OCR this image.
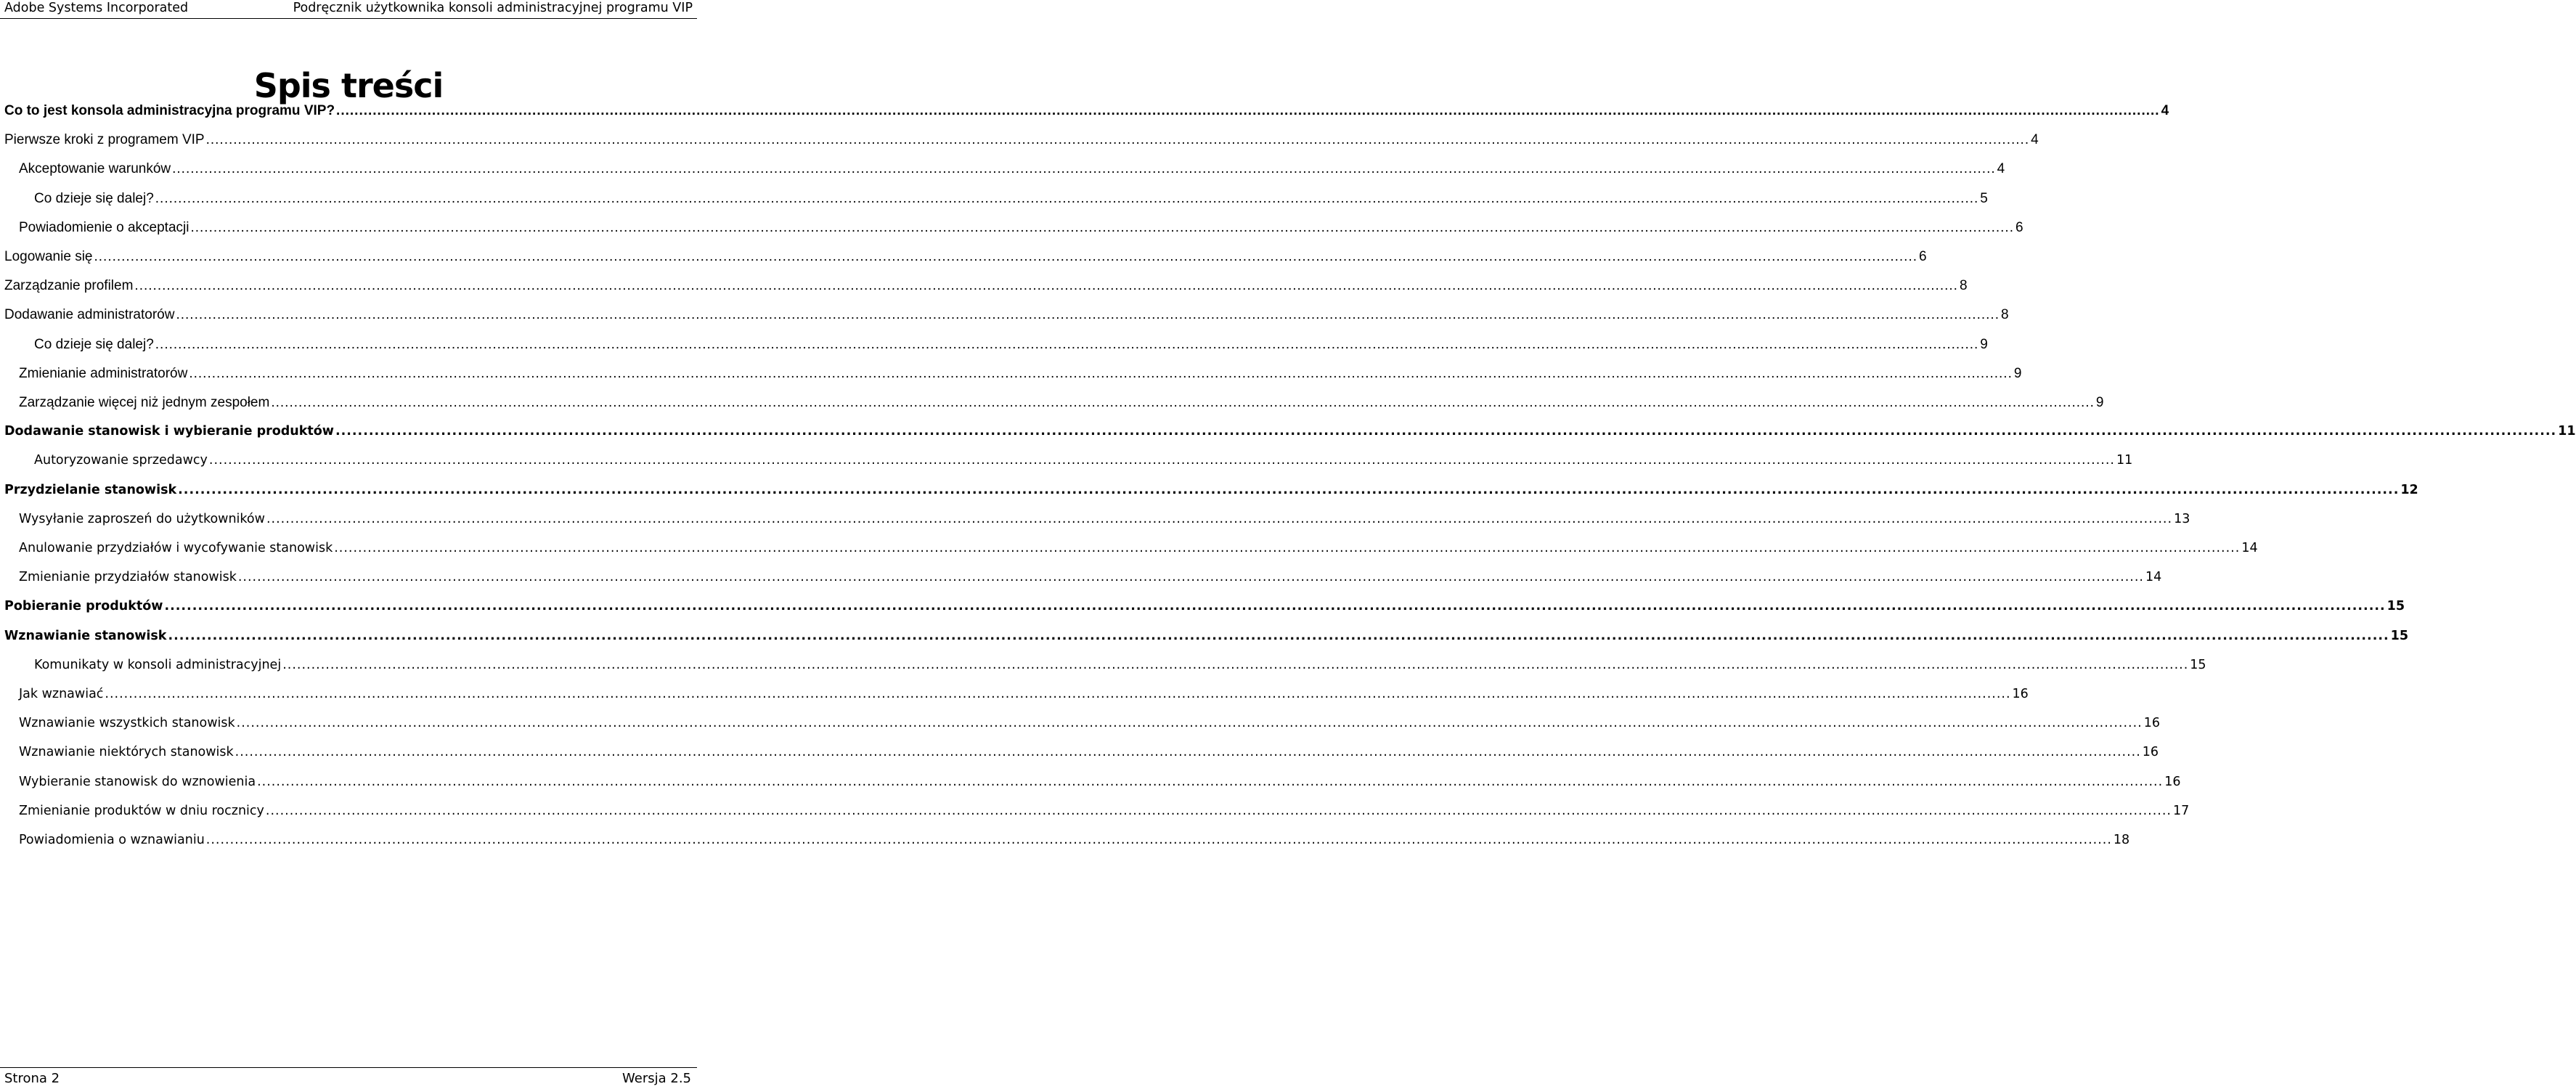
Adobe Systems Incorporated	Podręcznik użytkownika konsoli administracyjnej programu VIP
Spis treści
Co to jest konsola administracyjna programu VIP? ................................................................................................................................................................................................................................................................................................................................................................................................................ 4
Pierwsze kroki z programem VIP ................................................................................................................................................................................................................................................................................................................................................................................................................ 4
Akceptowanie warunków ................................................................................................................................................................................................................................................................................................................................................................................................................ 4
Co dzieje się dalej? ................................................................................................................................................................................................................................................................................................................................................................................................................ 5
Powiadomienie o akceptacji ................................................................................................................................................................................................................................................................................................................................................................................................................ 6
Logowanie się ................................................................................................................................................................................................................................................................................................................................................................................................................ 6
Zarządzanie profilem ................................................................................................................................................................................................................................................................................................................................................................................................................ 8
Dodawanie administratorów ................................................................................................................................................................................................................................................................................................................................................................................................................ 8
Co dzieje się dalej? ................................................................................................................................................................................................................................................................................................................................................................................................................ 9
Zmienianie administratorów ................................................................................................................................................................................................................................................................................................................................................................................................................ 9
Zarządzanie więcej niż jednym zespołem ................................................................................................................................................................................................................................................................................................................................................................................................................ 9
Dodawanie stanowisk i wybieranie produktów ................................................................................................................................................................................................................................................................................................................................................................................................................ 11
Autoryzowanie sprzedawcy ................................................................................................................................................................................................................................................................................................................................................................................................................ 11
Przydzielanie stanowisk ................................................................................................................................................................................................................................................................................................................................................................................................................ 12
Wysyłanie zaproszeń do użytkowników ................................................................................................................................................................................................................................................................................................................................................................................................................ 13
Anulowanie przydziałów i wycofywanie stanowisk ................................................................................................................................................................................................................................................................................................................................................................................................................ 14
Zmienianie przydziałów stanowisk ................................................................................................................................................................................................................................................................................................................................................................................................................ 14
Pobieranie produktów ................................................................................................................................................................................................................................................................................................................................................................................................................ 15
Wznawianie stanowisk ................................................................................................................................................................................................................................................................................................................................................................................................................ 15
Komunikaty w konsoli administracyjnej ................................................................................................................................................................................................................................................................................................................................................................................................................ 15
Jak wznawiać ................................................................................................................................................................................................................................................................................................................................................................................................................ 16
Wznawianie wszystkich stanowisk ................................................................................................................................................................................................................................................................................................................................................................................................................ 16
Wznawianie niektórych stanowisk ................................................................................................................................................................................................................................................................................................................................................................................................................ 16
Wybieranie stanowisk do wznowienia ................................................................................................................................................................................................................................................................................................................................................................................................................ 16
Zmienianie produktów w dniu rocznicy ................................................................................................................................................................................................................................................................................................................................................................................................................ 17
Powiadomienia o wznawianiu ................................................................................................................................................................................................................................................................................................................................................................................................................ 18
Strona 2	Wersja 2.5
